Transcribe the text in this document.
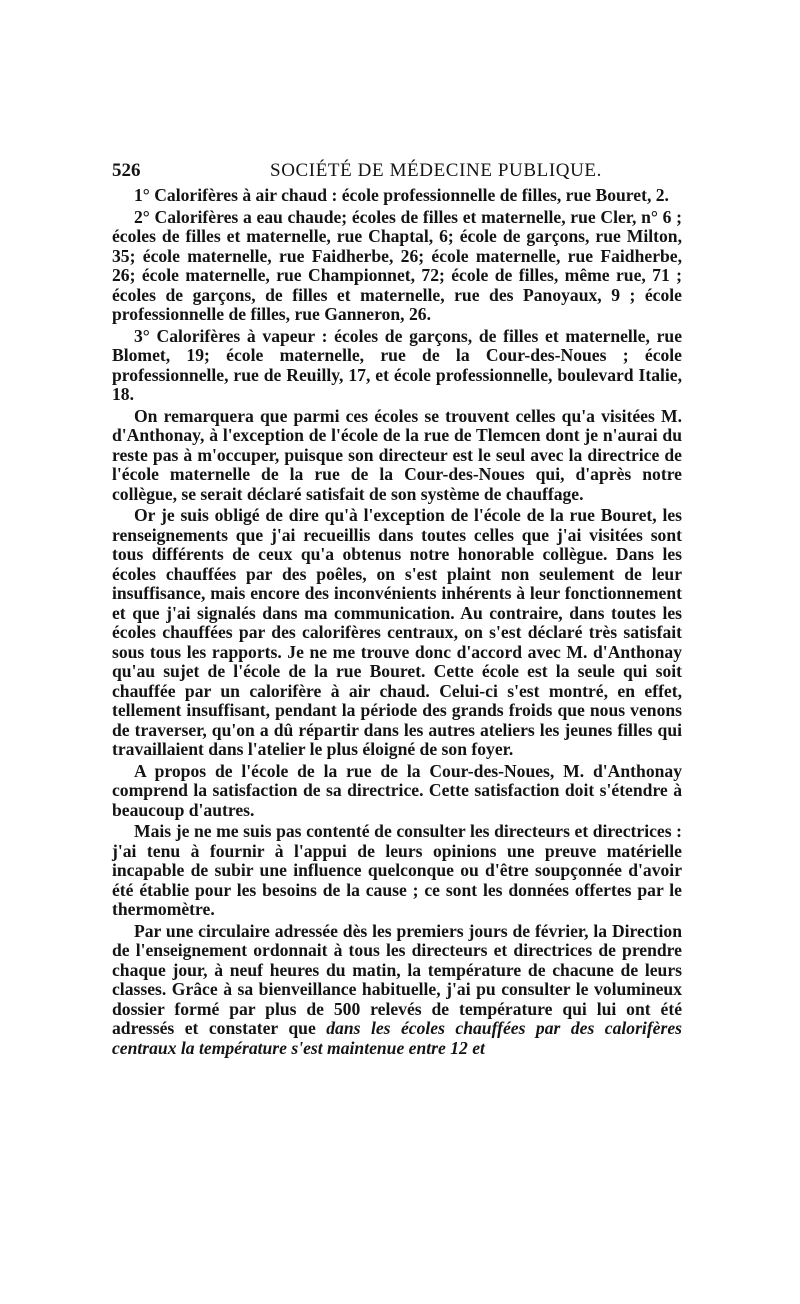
526	SOCIÉTÉ DE MÉDECINE PUBLIQUE.

1° Calorifères à air chaud : école professionnelle de filles, rue Bouret, 2.

2° Calorifères a eau chaude; écoles de filles et maternelle, rue Cler, n° 6 ; écoles de filles et maternelle, rue Chaptal, 6; école de garçons, rue Milton, 35; école maternelle, rue Faidherbe, 26; école maternelle, rue Faidherbe, 26; école maternelle, rue Championnet, 72; école de filles, même rue, 71 ; écoles de garçons, de filles et maternelle, rue des Panoyaux, 9 ; école professionnelle de filles, rue Ganneron, 26.

3° Calorifères à vapeur : écoles de garçons, de filles et maternelle, rue Blomet, 19; école maternelle, rue de la Cour-des-Noues ; école professionnelle, rue de Reuilly, 17, et école professionnelle, boulevard Italie, 18.

On remarquera que parmi ces écoles se trouvent celles qu'a visitées M. d'Anthonay, à l'exception de l'école de la rue de Tlemcen dont je n'aurai du reste pas à m'occuper, puisque son directeur est le seul avec la directrice de l'école maternelle de la rue de la Cour-des-Noues qui, d'après notre collègue, se serait déclaré satisfait de son système de chauffage.

Or je suis obligé de dire qu'à l'exception de l'école de la rue Bouret, les renseignements que j'ai recueillis dans toutes celles que j'ai visitées sont tous différents de ceux qu'a obtenus notre honorable collègue. Dans les écoles chauffées par des poêles, on s'est plaint non seulement de leur insuffisance, mais encore des inconvénients inhérents à leur fonctionnement et que j'ai signalés dans ma communication. Au contraire, dans toutes les écoles chauffées par des calorifères centraux, on s'est déclaré très satisfait sous tous les rapports. Je ne me trouve donc d'accord avec M. d'Anthonay qu'au sujet de l'école de la rue Bouret. Cette école est la seule qui soit chauffée par un calorifère à air chaud. Celui-ci s'est montré, en effet, tellement insuffisant, pendant la période des grands froids que nous venons de traverser, qu'on a dû répartir dans les autres ateliers les jeunes filles qui travaillaient dans l'atelier le plus éloigné de son foyer.

A propos de l'école de la rue de la Cour-des-Noues, M. d'Anthonay comprend la satisfaction de sa directrice. Cette satisfaction doit s'étendre à beaucoup d'autres.

Mais je ne me suis pas contenté de consulter les directeurs et directrices : j'ai tenu à fournir à l'appui de leurs opinions une preuve matérielle incapable de subir une influence quelconque ou d'être soupçonnée d'avoir été établie pour les besoins de la cause ; ce sont les données offertes par le thermomètre.

Par une circulaire adressée dès les premiers jours de février, la Direction de l'enseignement ordonnait à tous les directeurs et directrices de prendre chaque jour, à neuf heures du matin, la température de chacune de leurs classes. Grâce à sa bienveillance habituelle, j'ai pu consulter le volumineux dossier formé par plus de 500 relevés de température qui lui ont été adressés et constater que dans les écoles chauffées par des calorifères centraux la température s'est maintenue entre 12 et
